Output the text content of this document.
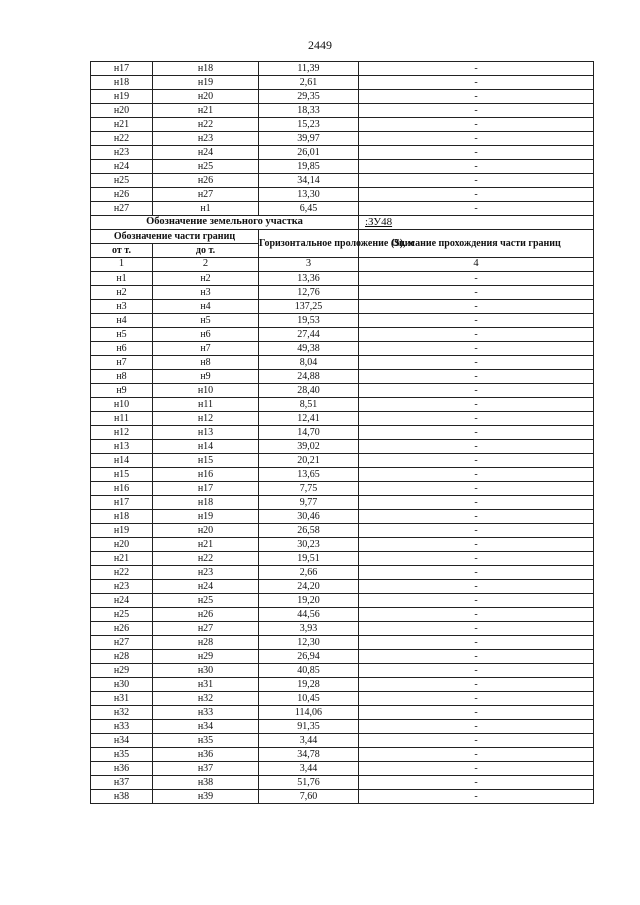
2449
н17	н18	11,39	-
н18	н19	2,61	-
н19	н20	29,35	-
н20	н21	18,33	-
н21	н22	15,23	-
н22	н23	39,97	-
н23	н24	26,01	-
н24	н25	19,85	-
н25	н26	34,14	-
н26	н27	13,30	-
н27	н1	6,45	-
Обозначение земельного участка			:ЗУ48
Обозначение части границ		Горизонтальное проложение (S), м	Описание прохождения части границ
от т.	до т.		
1	2	3	4
н1	н2	13,36	-
н2	н3	12,76	-
н3	н4	137,25	-
н4	н5	19,53	-
н5	н6	27,44	-
н6	н7	49,38	-
н7	н8	8,04	-
н8	н9	24,88	-
н9	н10	28,40	-
н10	н11	8,51	-
н11	н12	12,41	-
н12	н13	14,70	-
н13	н14	39,02	-
н14	н15	20,21	-
н15	н16	13,65	-
н16	н17	7,75	-
н17	н18	9,77	-
н18	н19	30,46	-
н19	н20	26,58	-
н20	н21	30,23	-
н21	н22	19,51	-
н22	н23	2,66	-
н23	н24	24,20	-
н24	н25	19,20	-
н25	н26	44,56	-
н26	н27	3,93	-
н27	н28	12,30	-
н28	н29	26,94	-
н29	н30	40,85	-
н30	н31	19,28	-
н31	н32	10,45	-
н32	н33	114,06	-
н33	н34	91,35	-
н34	н35	3,44	-
н35	н36	34,78	-
н36	н37	3,44	-
н37	н38	51,76	-
н38	н39	7,60	-
